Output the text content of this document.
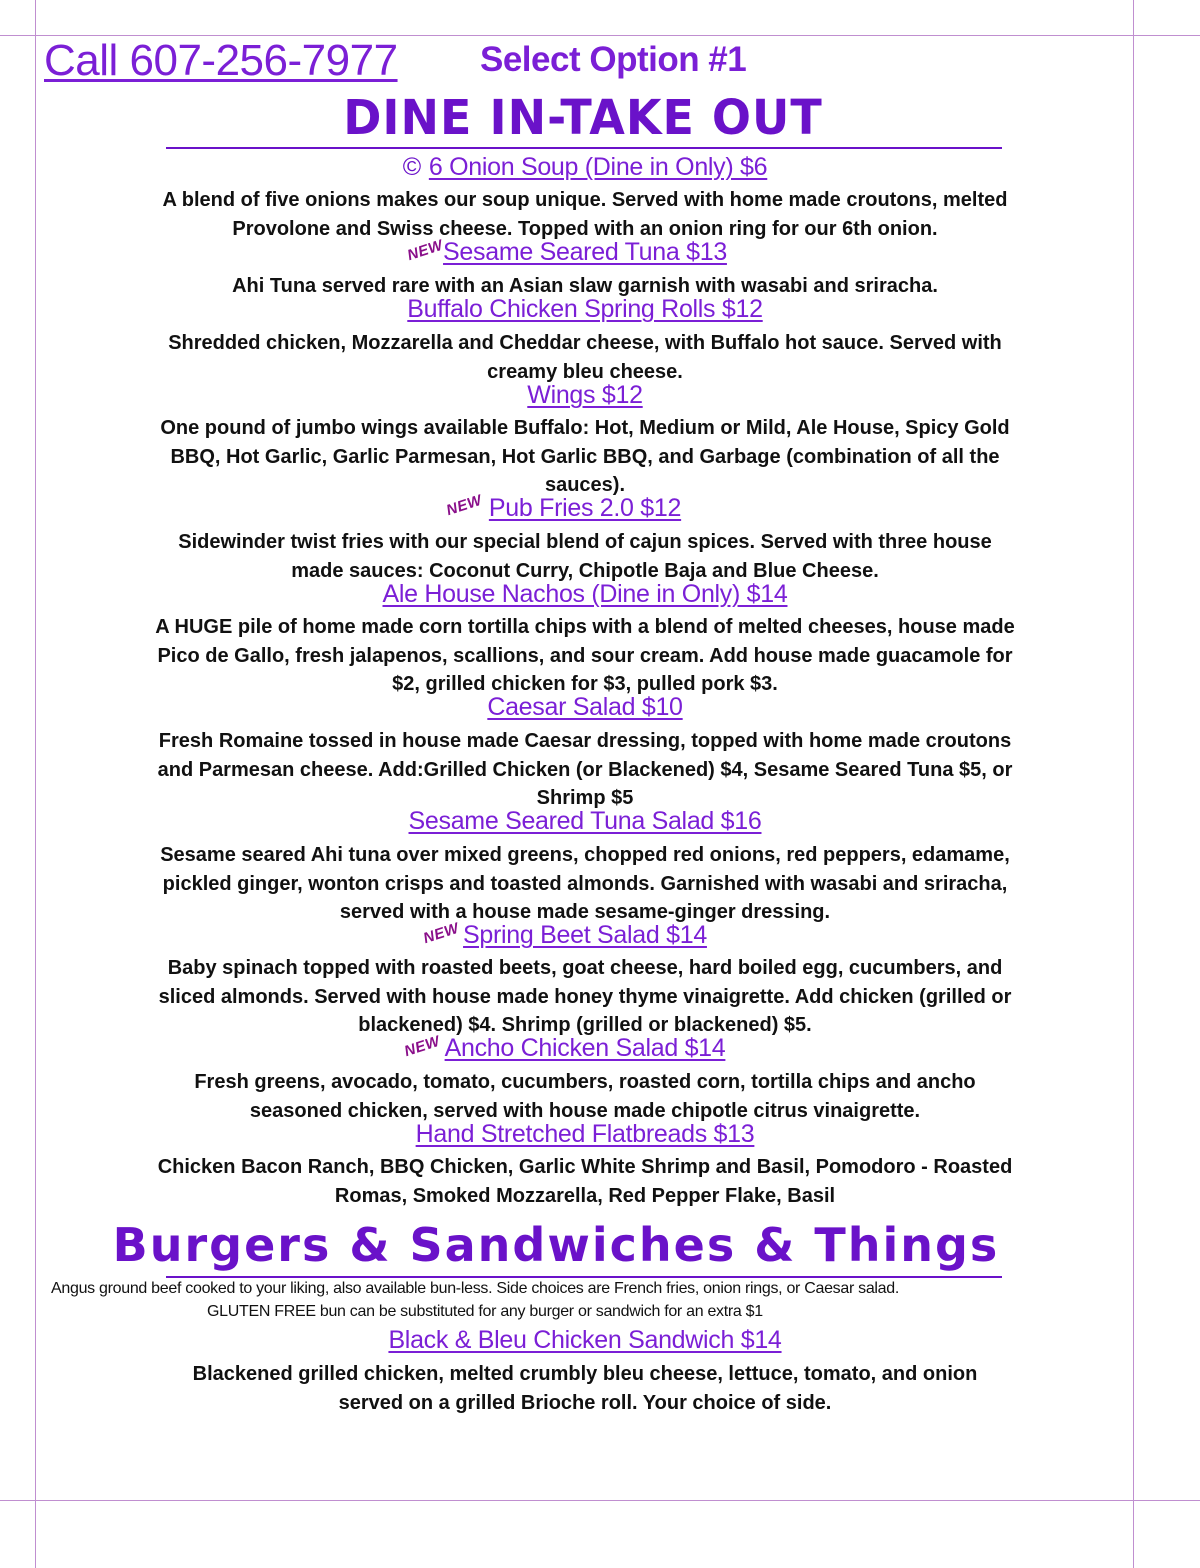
Call 607-256-7977 Select Option #1
DINE IN-TAKE OUT
© 6 Onion Soup (Dine in Only) $6
A blend of five onions makes our soup unique. Served with home made croutons, melted Provolone and Swiss cheese. Topped with an onion ring for our 6th onion.
NEW
Sesame Seared Tuna $13
Ahi Tuna served rare with an Asian slaw garnish with wasabi and sriracha.
Buffalo Chicken Spring Rolls $12
Shredded chicken, Mozzarella and Cheddar cheese, with Buffalo hot sauce. Served with creamy bleu cheese.
Wings $12
One pound of jumbo wings available Buffalo: Hot, Medium or Mild, Ale House, Spicy Gold BBQ, Hot Garlic, Garlic Parmesan, Hot Garlic BBQ, and Garbage (combination of all the sauces).
NEW Pub Fries 2.0 $12
Sidewinder twist fries with our special blend of cajun spices. Served with three house made sauces: Coconut Curry, Chipotle Baja and Blue Cheese.
Ale House Nachos (Dine in Only) $14
A HUGE pile of home made corn tortilla chips with a blend of melted cheeses, house made Pico de Gallo, fresh jalapenos, scallions, and sour cream. Add house made guacamole for $2, grilled chicken for $3, pulled pork $3.
Caesar Salad $10
Fresh Romaine tossed in house made Caesar dressing, topped with home made croutons and Parmesan cheese. Add:Grilled Chicken (or Blackened) $4, Sesame Seared Tuna $5, or Shrimp $5
Sesame Seared Tuna Salad $16
Sesame seared Ahi tuna over mixed greens, chopped red onions, red peppers, edamame, pickled ginger, wonton crisps and toasted almonds. Garnished with wasabi and sriracha, served with a house made sesame-ginger dressing.
NEW Spring Beet Salad $14
Baby spinach topped with roasted beets, goat cheese, hard boiled egg, cucumbers, and sliced almonds. Served with house made honey thyme vinaigrette. Add chicken (grilled or blackened) $4. Shrimp (grilled or blackened) $5.
NEW Ancho Chicken Salad $14
Fresh greens, avocado, tomato, cucumbers, roasted corn, tortilla chips and ancho seasoned chicken, served with house made chipotle citrus vinaigrette.
Hand Stretched Flatbreads $13
Chicken Bacon Ranch, BBQ Chicken, Garlic White Shrimp and Basil, Pomodoro - Roasted Romas, Smoked Mozzarella, Red Pepper Flake, Basil
Burgers & Sandwiches & Things
Angus ground beef cooked to your liking, also available bun-less. Side choices are French fries, onion rings, or Caesar salad.
GLUTEN FREE bun can be substituted for any burger or sandwich for an extra $1
Black & Bleu Chicken Sandwich $14
Blackened grilled chicken, melted crumbly bleu cheese, lettuce, tomato, and onion served on a grilled Brioche roll. Your choice of side.
